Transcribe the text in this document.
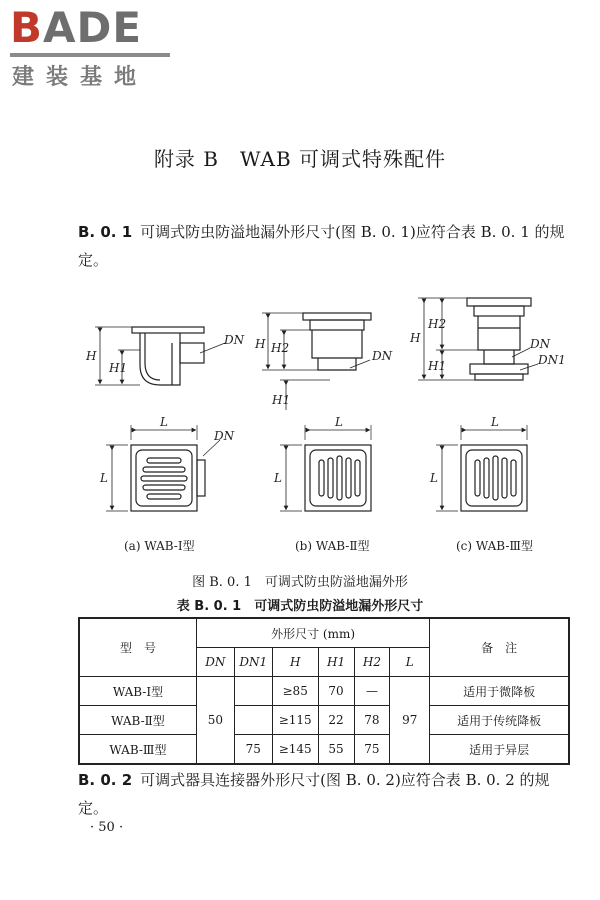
BADE
建装基地
附录 B　WAB 可调式特殊配件
B. 0. 1 可调式防虫防溢地漏外形尺寸(图 B. 0. 1)应符合表 B. 0. 1 的规定。
H
H1
DN H H2
H1
DN
H
H2
H1
DN
DN1
L
L
DN
L
L
L
L
(a) WAB-Ⅰ型	(b) WAB-Ⅱ型	(c) WAB-Ⅲ型
图 B. 0. 1　可调式防虫防溢地漏外形
表 B. 0. 1　可调式防虫防溢地漏外形尺寸
型　号	外形尺寸 (mm)						备　注
	DN	DN1	H	H1	H2	L	
WAB-Ⅰ型	50		≥85	70	—	97	适用于微降板
WAB-Ⅱ型			≥115	22	78		适用于传统降板
WAB-Ⅲ型		75	≥145	55	75		适用于异层
B. 0. 2 可调式器具连接器外形尺寸(图 B. 0. 2)应符合表 B. 0. 2 的规定。
· 50 ·
